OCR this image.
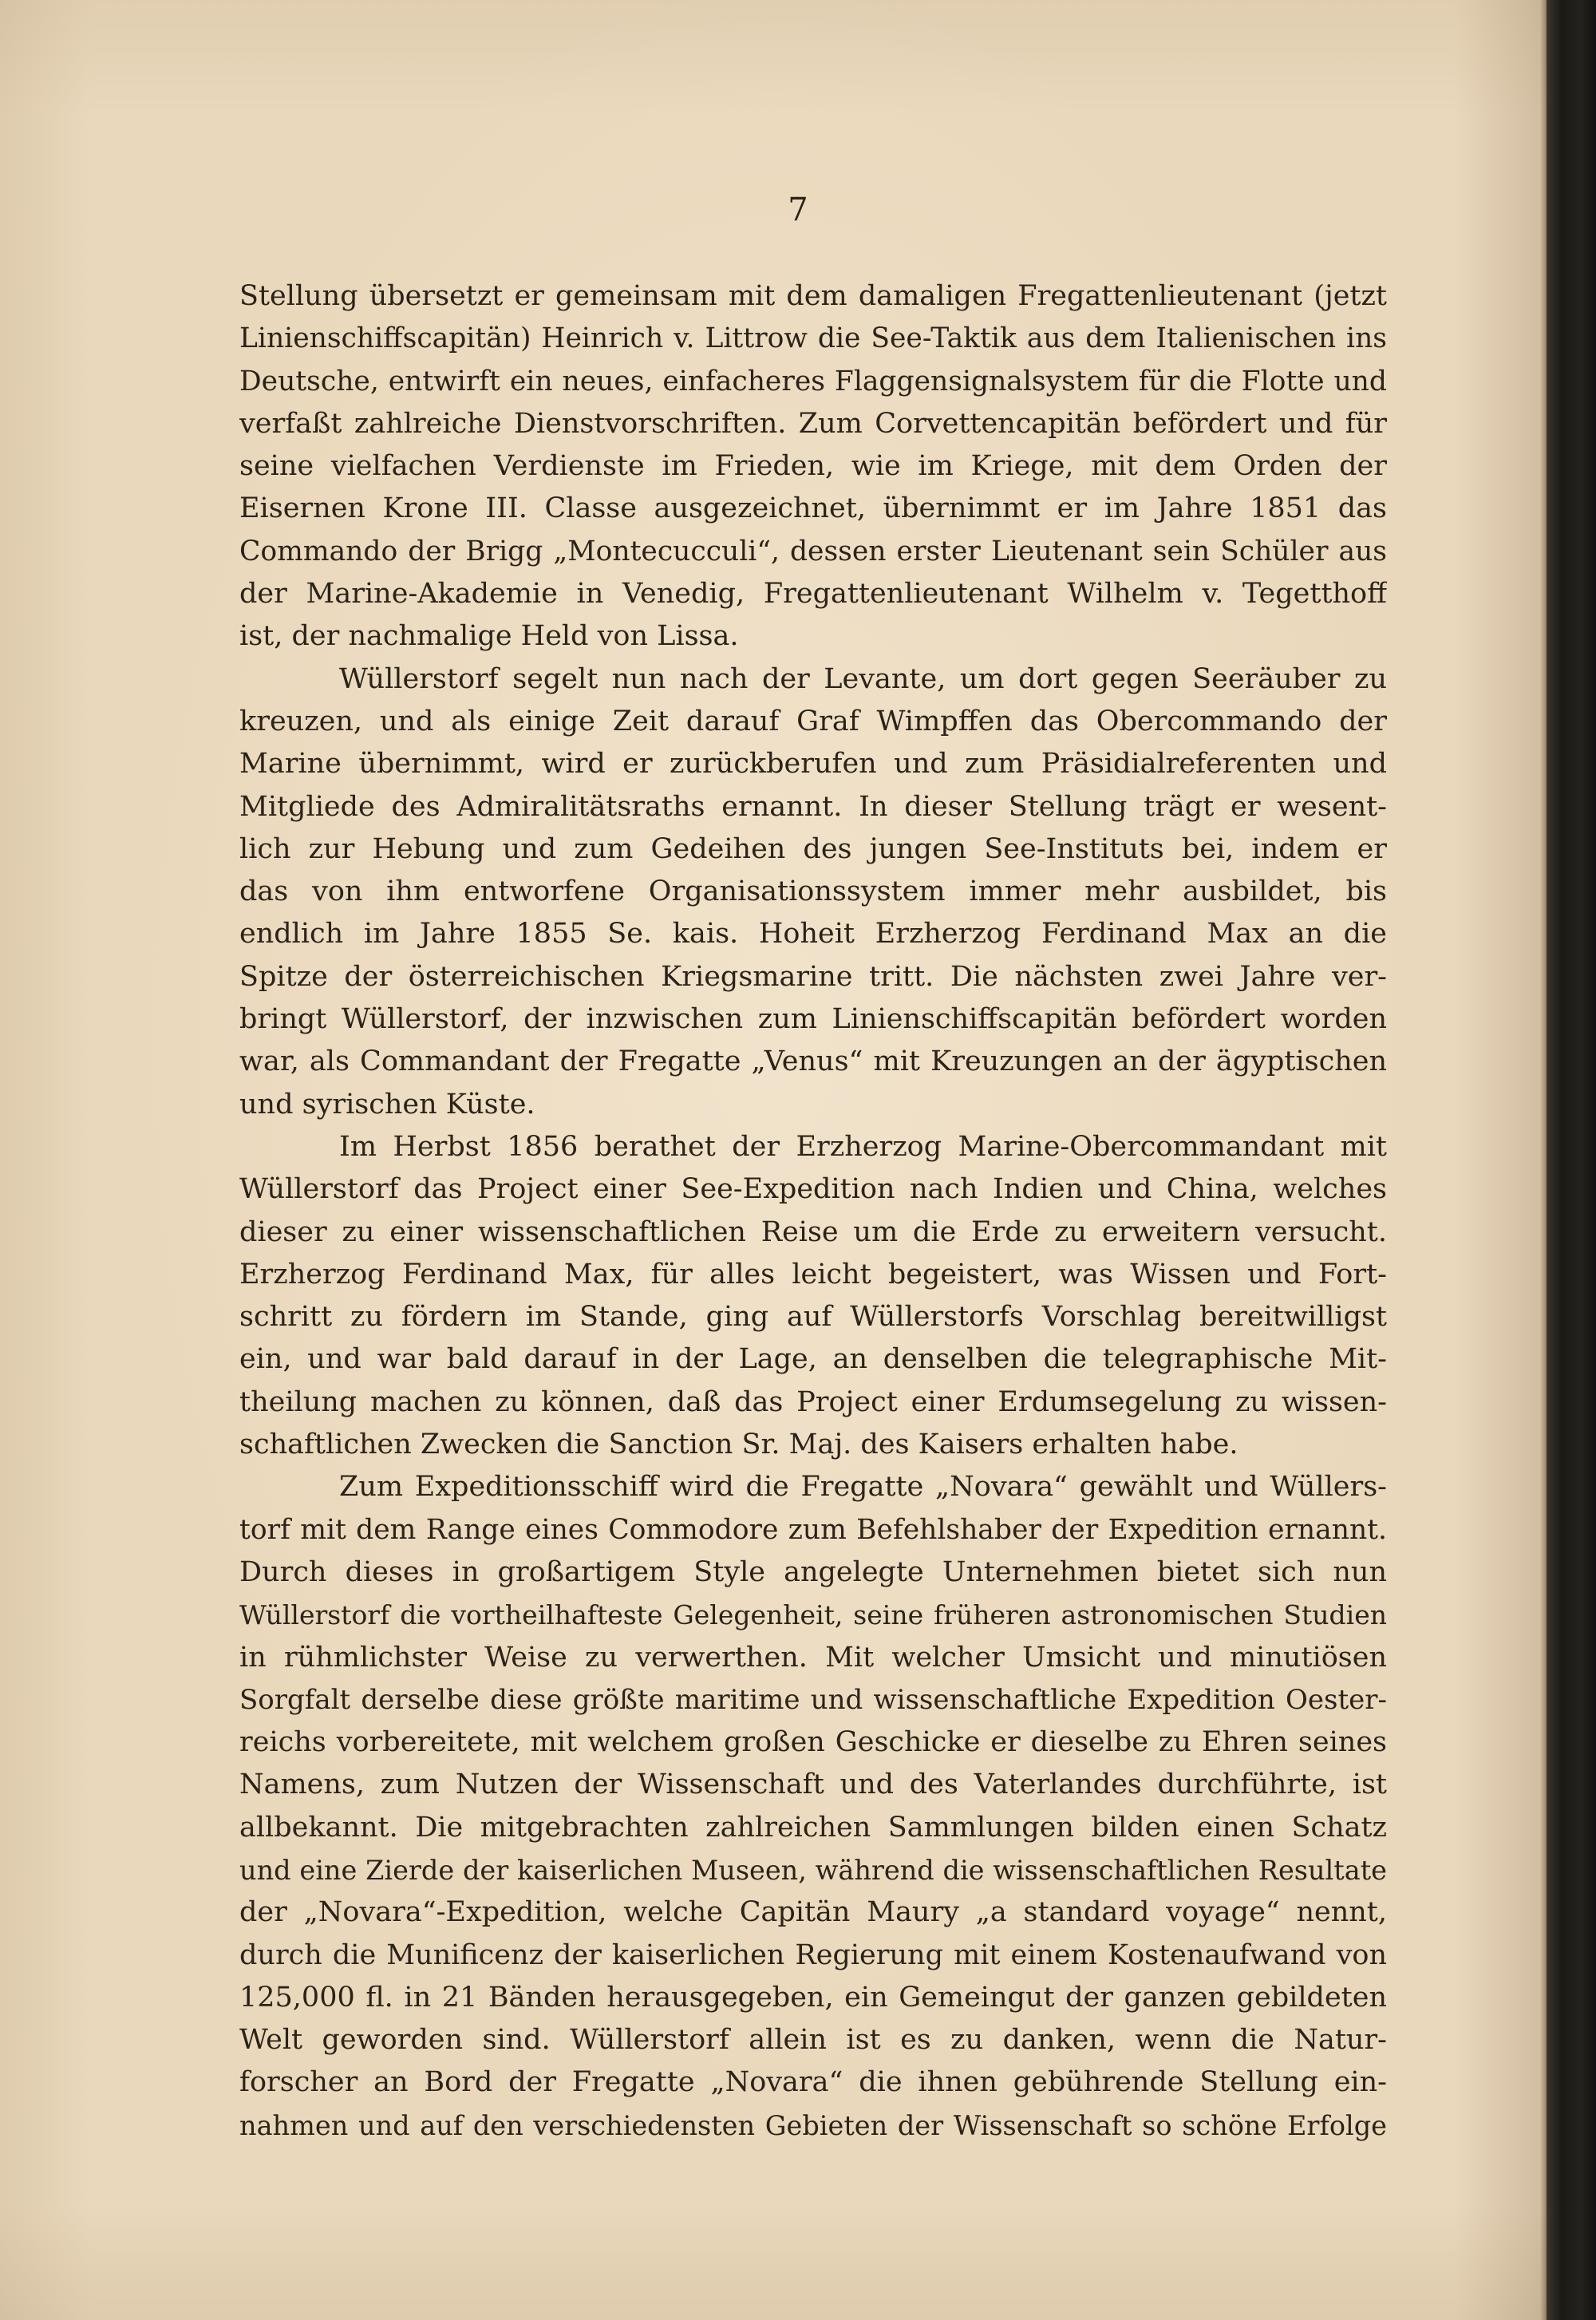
7
Stellung übersetzt er gemeinsam mit dem damaligen Fregattenlieutenant (jetzt
Linienschiffscapitän) Heinrich v. Littrow die See-Taktik aus dem Italienischen ins
Deutsche, entwirft ein neues, einfacheres Flaggensignalsystem für die Flotte und
verfaßt zahlreiche Dienstvorschriften. Zum Corvettencapitän befördert und für
seine vielfachen Verdienste im Frieden, wie im Kriege, mit dem Orden der
Eisernen Krone III. Classe ausgezeichnet, übernimmt er im Jahre 1851 das
Commando der Brigg „Montecucculi“, dessen erster Lieutenant sein Schüler aus
der Marine-Akademie in Venedig, Fregattenlieutenant Wilhelm v. Tegetthoff
ist, der nachmalige Held von Lissa.
Wüllerstorf segelt nun nach der Levante, um dort gegen Seeräuber zu
kreuzen, und als einige Zeit darauf Graf Wimpffen das Obercommando der
Marine übernimmt, wird er zurückberufen und zum Präsidialreferenten und
Mitgliede des Admiralitätsraths ernannt. In dieser Stellung trägt er wesent-
lich zur Hebung und zum Gedeihen des jungen See-Instituts bei, indem er
das von ihm entworfene Organisationssystem immer mehr ausbildet, bis
endlich im Jahre 1855 Se. kais. Hoheit Erzherzog Ferdinand Max an die
Spitze der österreichischen Kriegsmarine tritt. Die nächsten zwei Jahre ver-
bringt Wüllerstorf, der inzwischen zum Linienschiffscapitän befördert worden
war, als Commandant der Fregatte „Venus“ mit Kreuzungen an der ägyptischen
und syrischen Küste.
Im Herbst 1856 berathet der Erzherzog Marine-Obercommandant mit
Wüllerstorf das Project einer See-Expedition nach Indien und China, welches
dieser zu einer wissenschaftlichen Reise um die Erde zu erweitern versucht.
Erzherzog Ferdinand Max, für alles leicht begeistert, was Wissen und Fort-
schritt zu fördern im Stande, ging auf Wüllerstorfs Vorschlag bereitwilligst
ein, und war bald darauf in der Lage, an denselben die telegraphische Mit-
theilung machen zu können, daß das Project einer Erdumsegelung zu wissen-
schaftlichen Zwecken die Sanction Sr. Maj. des Kaisers erhalten habe.
Zum Expeditionsschiff wird die Fregatte „Novara“ gewählt und Wüllers-
torf mit dem Range eines Commodore zum Befehlshaber der Expedition ernannt.
Durch dieses in großartigem Style angelegte Unternehmen bietet sich nun
Wüllerstorf die vortheilhafteste Gelegenheit, seine früheren astronomischen Studien
in rühmlichster Weise zu verwerthen. Mit welcher Umsicht und minutiösen
Sorgfalt derselbe diese größte maritime und wissenschaftliche Expedition Oester-
reichs vorbereitete, mit welchem großen Geschicke er dieselbe zu Ehren seines
Namens, zum Nutzen der Wissenschaft und des Vaterlandes durchführte, ist
allbekannt. Die mitgebrachten zahlreichen Sammlungen bilden einen Schatz
und eine Zierde der kaiserlichen Museen, während die wissenschaftlichen Resultate
der „Novara“-Expedition, welche Capitän Maury „a standard voyage“ nennt,
durch die Munificenz der kaiserlichen Regierung mit einem Kostenaufwand von
125,000 fl. in 21 Bänden herausgegeben, ein Gemeingut der ganzen gebildeten
Welt geworden sind. Wüllerstorf allein ist es zu danken, wenn die Natur-
forscher an Bord der Fregatte „Novara“ die ihnen gebührende Stellung ein-
nahmen und auf den verschiedensten Gebieten der Wissenschaft so schöne Erfolge
